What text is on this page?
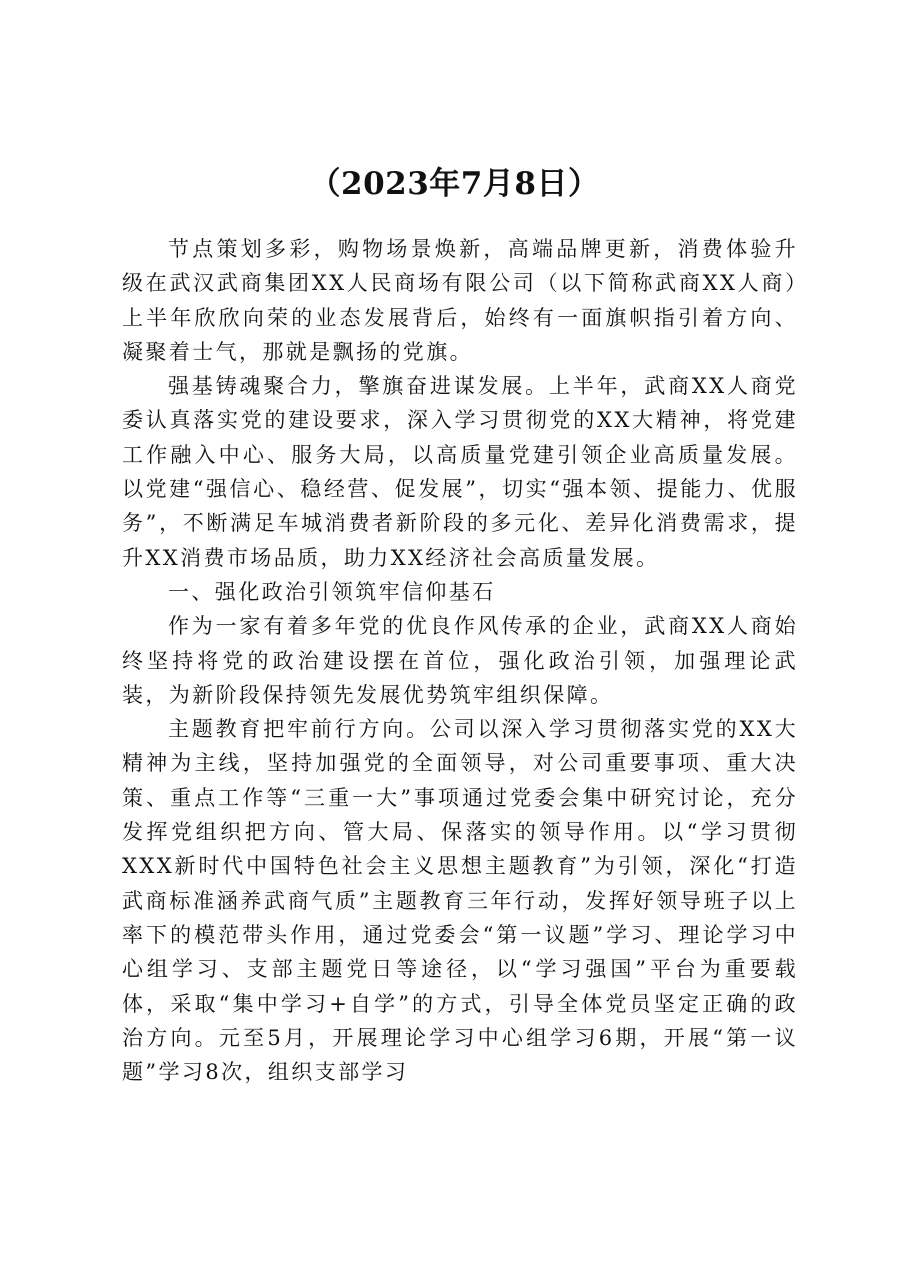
（2023年7月8日）

节点策划多彩，购物场景焕新，高端品牌更新，消费体验升级在武汉武商集团XX人民商场有限公司（以下简称武商XX人商）上半年欣欣向荣的业态发展背后，始终有一面旗帜指引着方向、凝聚着士气，那就是飘扬的党旗。

强基铸魂聚合力，擎旗奋进谋发展。上半年，武商XX人商党委认真落实党的建设要求，深入学习贯彻党的XX大精神，将党建工作融入中心、服务大局，以高质量党建引领企业高质量发展。以党建“强信心、稳经营、促发展”，切实“强本领、提能力、优服务”，不断满足车城消费者新阶段的多元化、差异化消费需求，提升XX消费市场品质，助力XX经济社会高质量发展。

一、强化政治引领筑牢信仰基石

作为一家有着多年党的优良作风传承的企业，武商XX人商始终坚持将党的政治建设摆在首位，强化政治引领，加强理论武装，为新阶段保持领先发展优势筑牢组织保障。

主题教育把牢前行方向。公司以深入学习贯彻落实党的XX大精神为主线，坚持加强党的全面领导，对公司重要事项、重大决策、重点工作等“三重一大”事项通过党委会集中研究讨论，充分发挥党组织把方向、管大局、保落实的领导作用。以“学习贯彻XXX新时代中国特色社会主义思想主题教育”为引领，深化“打造武商标准涵养武商气质”主题教育三年行动，发挥好领导班子以上率下的模范带头作用，通过党委会“第一议题”学习、理论学习中心组学习、支部主题党日等途径，以“学习强国”平台为重要载体，采取“集中学习+自学”的方式，引导全体党员坚定正确的政治方向。元至5月，开展理论学习中心组学习6期，开展“第一议题”学习8次，组织支部学习
